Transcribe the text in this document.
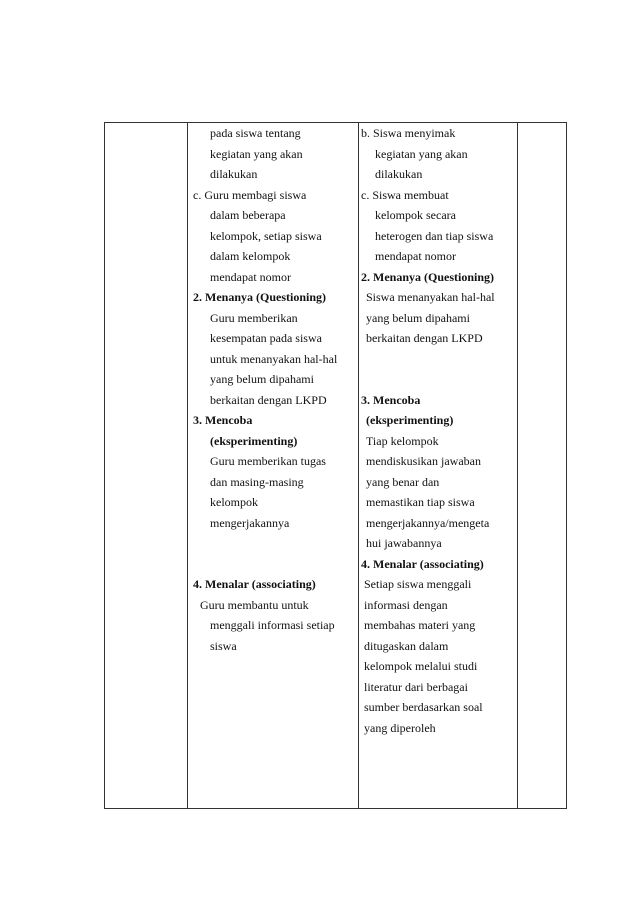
pada siswa tentang
kegiatan yang akan
dilakukan
c. Guru membagi siswa
dalam beberapa
kelompok, setiap siswa
dalam kelompok
mendapat nomor
2. Menanya (Questioning)
Guru memberikan
kesempatan pada siswa
untuk menanyakan hal-hal
yang belum dipahami
berkaitan dengan LKPD
3. Mencoba
(eksperimenting)
Guru memberikan tugas
dan masing-masing
kelompok
mengerjakannya
4. Menalar (associating)
Guru membantu untuk
menggali informasi setiap
siswa
b. Siswa menyimak
kegiatan yang akan
dilakukan
c. Siswa membuat
kelompok secara
heterogen dan tiap siswa
mendapat nomor
2. Menanya (Questioning)
Siswa menanyakan hal-hal
yang belum dipahami
berkaitan dengan LKPD
3. Mencoba
(eksperimenting)
Tiap kelompok
mendiskusikan jawaban
yang benar dan
memastikan tiap siswa
mengerjakannya/mengeta
hui jawabannya
4. Menalar (associating)
Setiap siswa menggali
informasi dengan
membahas materi yang
ditugaskan dalam
kelompok melalui studi
literatur dari berbagai
sumber berdasarkan soal
yang diperoleh
